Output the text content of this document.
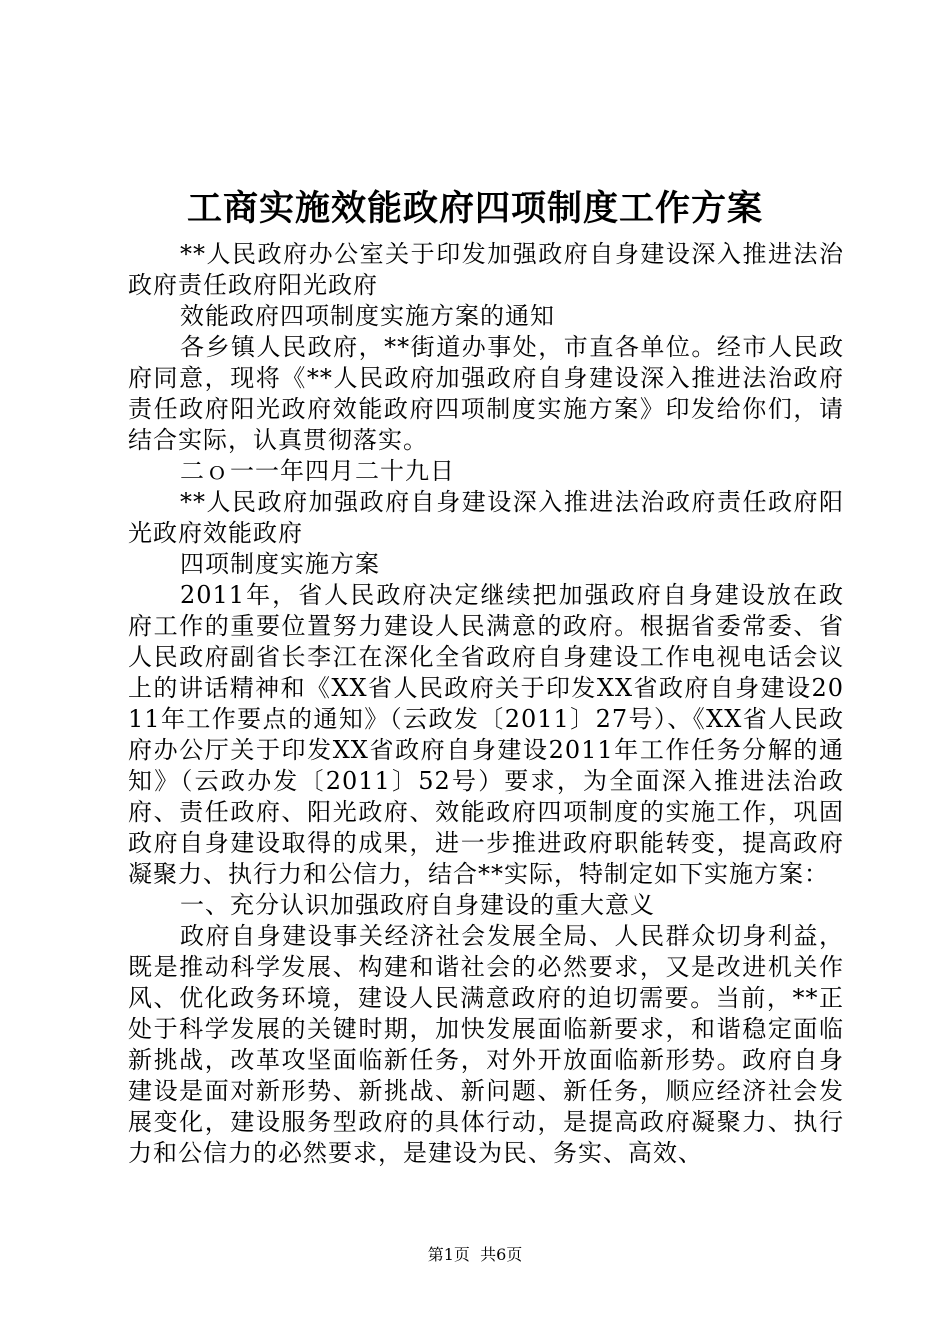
工商实施效能政府四项制度工作方案

**人民政府办公室关于印发加强政府自身建设深入推进法治政府责任政府阳光政府

效能政府四项制度实施方案的通知

各乡镇人民政府，**街道办事处，市直各单位。经市人民政府同意，现将《**人民政府加强政府自身建设深入推进法治政府责任政府阳光政府效能政府四项制度实施方案》印发给你们，请结合实际，认真贯彻落实。

二ｏ一一年四月二十九日

**人民政府加强政府自身建设深入推进法治政府责任政府阳光政府效能政府

四项制度实施方案

2011年，省人民政府决定继续把加强政府自身建设放在政府工作的重要位置努力建设人民满意的政府。根据省委常委、省人民政府副省长李江在深化全省政府自身建设工作电视电话会议上的讲话精神和《XX省人民政府关于印发XX省政府自身建设2011年工作要点的通知》（云政发〔2011〕27号）、《XX省人民政府办公厅关于印发XX省政府自身建设2011年工作任务分解的通知》（云政办发〔2011〕52号）要求，为全面深入推进法治政府、责任政府、阳光政府、效能政府四项制度的实施工作，巩固政府自身建设取得的成果，进一步推进政府职能转变，提高政府凝聚力、执行力和公信力，结合**实际，特制定如下实施方案：

一、充分认识加强政府自身建设的重大意义

政府自身建设事关经济社会发展全局、人民群众切身利益，既是推动科学发展、构建和谐社会的必然要求，又是改进机关作风、优化政务环境，建设人民满意政府的迫切需要。当前，**正处于科学发展的关键时期，加快发展面临新要求，和谐稳定面临新挑战，改革攻坚面临新任务，对外开放面临新形势。政府自身建设是面对新形势、新挑战、新问题、新任务，顺应经济社会发展变化，建设服务型政府的具体行动，是提高政府凝聚力、执行力和公信力的必然要求，是建设为民、务实、高效、

第1页 共6页
